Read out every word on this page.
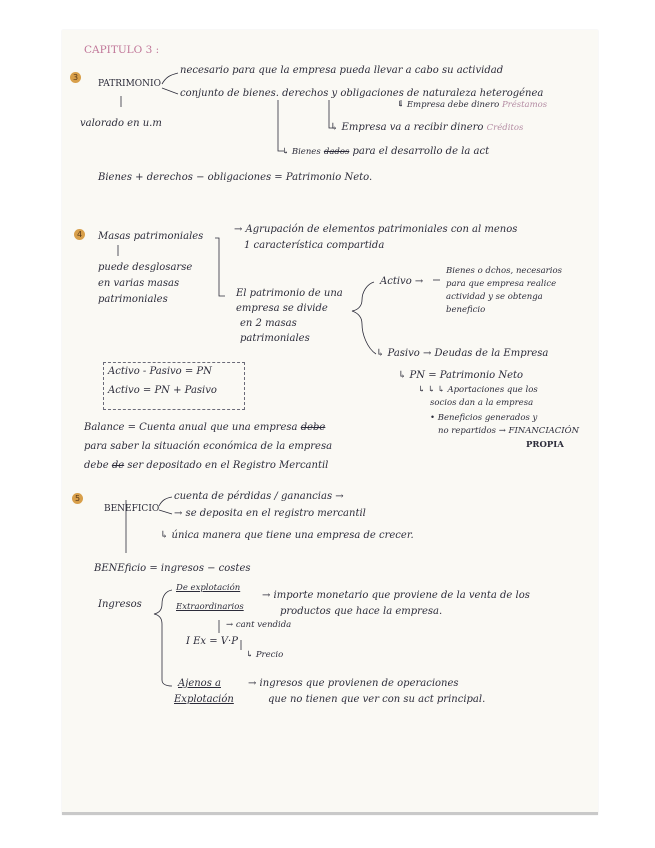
CAPITULO 3 :
3
PATRIMONIO
necesario para que la empresa pueda llevar a cabo su actividad
conjunto de bienes. derechos y obligaciones de naturaleza heterogénea
↳ Empresa debe dinero Préstamos
valorado en u.m	↳ Empresa va a recibir dinero Créditos
↳ Bienes dados para el desarrollo de la act
Bienes + derechos − obligaciones = Patrimonio Neto.
4 Masas patrimoniales
→ Agrupación de elementos patrimoniales con al menos
1 característica compartida
puede desglosarse
en varias masas
patrimoniales
El patrimonio de una
empresa se divide
en 2 masas
patrimoniales
Activo →
Bienes o dchos, necesarios
para que empresa realice
actividad y se obtenga
beneficio
Activo - Pasivo = PN
Activo = PN + Pasivo
↳ Pasivo → Deudas de la Empresa
↳ PN = Patrimonio Neto
↳ ↳ ↳ Aportaciones que los
socios dan a la empresa
• Beneficios generados y
no repartidos → FINANCIACIÓN
PROPIA
Balance = Cuenta anual que una empresa debe
para saber la situación económica de la empresa
debe de ser depositado en el Registro Mercantil
5
BENEFICIO
cuenta de pérdidas / ganancias →
→ se deposita en el registro mercantil
↳ única manera que tiene una empresa de crecer.
BENEficio = ingresos − costes
Ingresos
De explotación
Extraordinarios
→ importe monetario que proviene de la venta de los
productos que hace la empresa.
→ cant vendida
I Ex = V·P
↳ Precio
Ajenos a
Explotación
→ ingresos que provienen de operaciones
que no tienen que ver con su act principal.
